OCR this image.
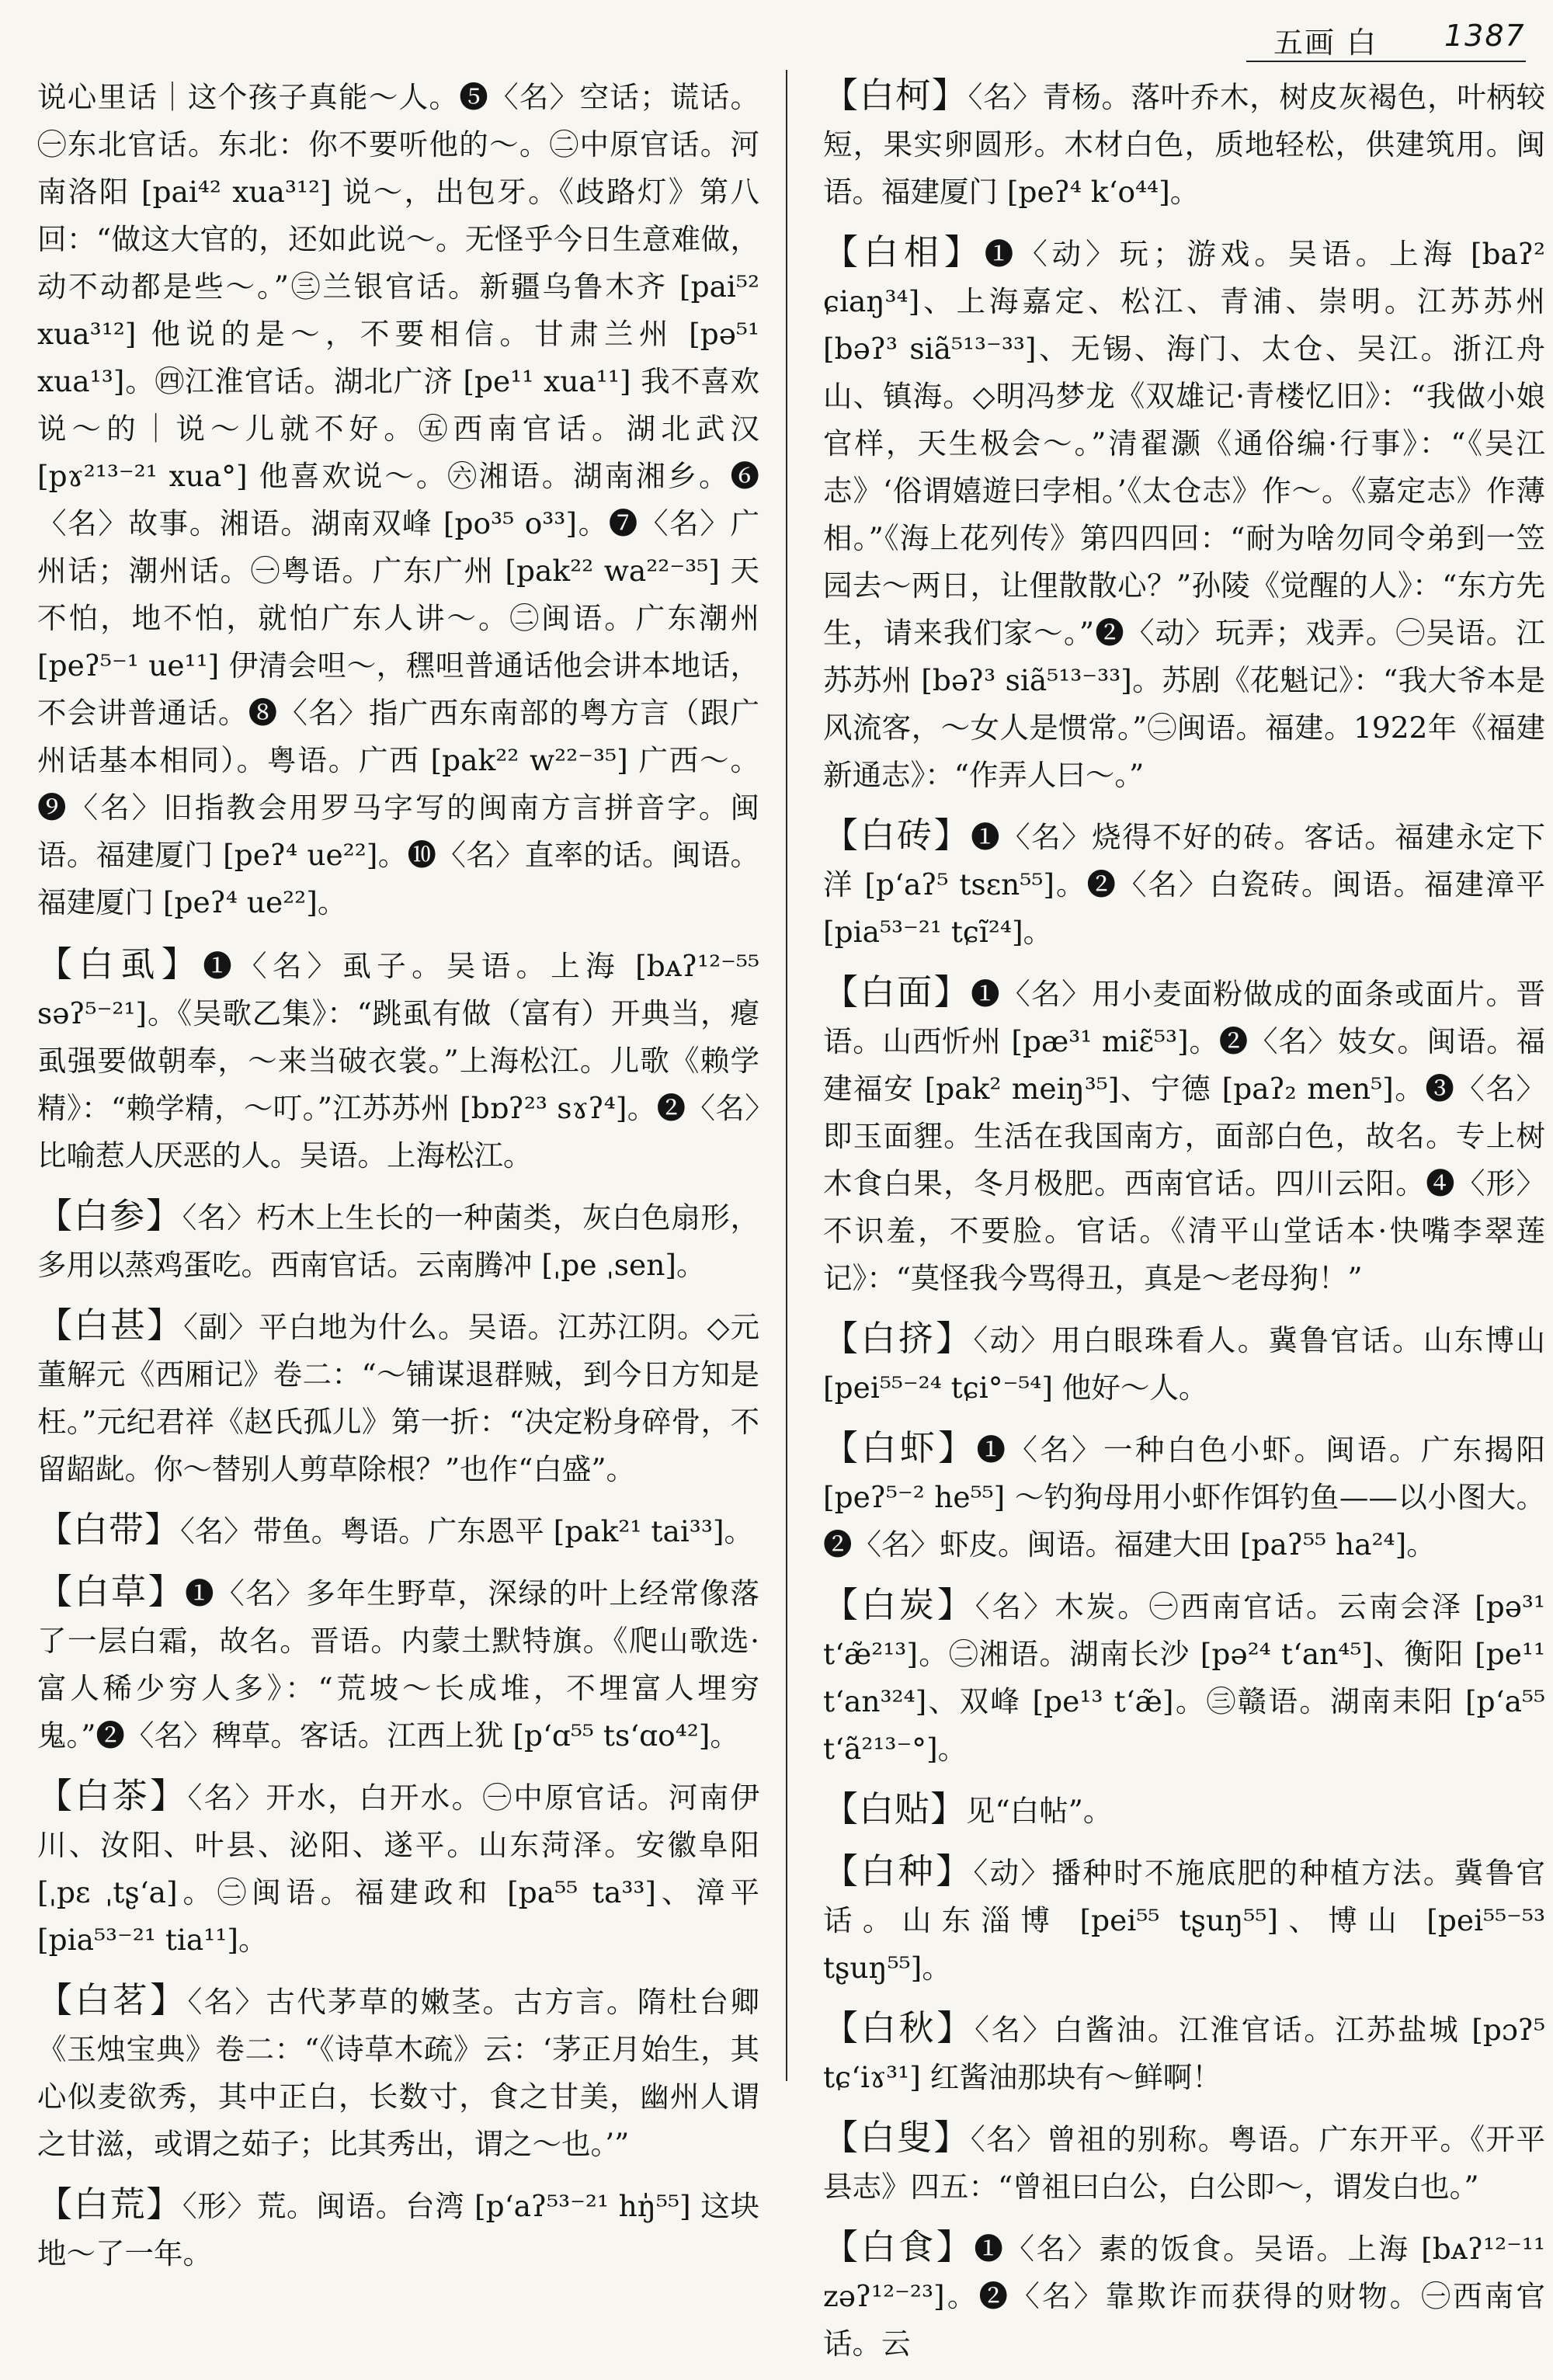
五画 白 1387
说心里话｜这个孩子真能～人。❺〈名〉空话；谎话。㊀东北官话。东北：你不要听他的～。㊁中原官话。河南洛阳 [pai⁴² xua³¹²] 说～，出包牙。《歧路灯》第八回：“做这大官的，还如此说～。无怪乎今日生意难做，动不动都是些～。”㊂兰银官话。新疆乌鲁木齐 [pai⁵² xua³¹²] 他说的是～，不要相信。甘肃兰州 [pə⁵¹ xua¹³]。㊃江淮官话。湖北广济 [pe¹¹ xua¹¹] 我不喜欢说～的｜说～儿就不好。㊄西南官话。湖北武汉 [pɤ²¹³⁻²¹ xua°] 他喜欢说～。㊅湘语。湖南湘乡。❻〈名〉故事。湘语。湖南双峰 [po³⁵ o³³]。❼〈名〉广州话；潮州话。㊀粤语。广东广州 [pak²² wa²²⁻³⁵] 天不怕，地不怕，就怕广东人讲～。㊁闽语。广东潮州 [peʔ⁵⁻¹ ue¹¹] 伊清会呾～，䆀呾普通话他会讲本地话，不会讲普通话。❽〈名〉指广西东南部的粤方言（跟广州话基本相同）。粤语。广西 [pak²² w²²⁻³⁵] 广西～。❾〈名〉旧指教会用罗马字写的闽南方言拼音字。闽语。福建厦门 [peʔ⁴ ue²²]。❿〈名〉直率的话。闽语。福建厦门 [peʔ⁴ ue²²]。
【白虱】❶〈名〉虱子。吴语。上海 [bᴀʔ¹²⁻⁵⁵ səʔ⁵⁻²¹]。《吴歌乙集》：“跳虱有做（富有）开典当，瘪虱强要做朝奉，～来当破衣裳。”上海松江。儿歌《赖学精》：“赖学精，～叮。”江苏苏州 [bɒʔ²³ sɤʔ⁴]。❷〈名〉比喻惹人厌恶的人。吴语。上海松江。
【白参】〈名〉朽木上生长的一种菌类，灰白色扇形，多用以蒸鸡蛋吃。西南官话。云南腾冲 [ˌpe ˌsen]。
【白甚】〈副〉平白地为什么。吴语。江苏江阴。◇元董解元《西厢记》卷二：“～铺谋退群贼，到今日方知是枉。”元纪君祥《赵氏孤儿》第一折：“决定粉身碎骨，不留龆龀。你～替别人剪草除根？”也作“白盛”。
【白带】〈名〉带鱼。粤语。广东恩平 [pak²¹ tai³³]。
【白草】❶〈名〉多年生野草，深绿的叶上经常像落了一层白霜，故名。晋语。内蒙土默特旗。《爬山歌选·富人稀少穷人多》：“荒坡～长成堆，不埋富人埋穷鬼。”❷〈名〉稗草。客话。江西上犹 [pʻɑ⁵⁵ tsʻɑo⁴²]。
【白茶】〈名〉开水，白开水。㊀中原官话。河南伊川、汝阳、叶县、泌阳、遂平。山东菏泽。安徽阜阳 [ˌpɛ ˌtʂʻa]。㊁闽语。福建政和 [pa⁵⁵ ta³³]、漳平 [pia⁵³⁻²¹ tia¹¹]。
【白茗】〈名〉古代茅草的嫩茎。古方言。隋杜台卿《玉烛宝典》卷二：“《诗草木疏》云：‘茅正月始生，其心似麦欲秀，其中正白，长数寸，食之甘美，幽州人谓之甘滋，或谓之茹子；比其秀出，谓之～也。’”
【白荒】〈形〉荒。闽语。台湾 [pʻaʔ⁵³⁻²¹ hŋ̍⁵⁵] 这块地～了一年。
【白柯】〈名〉青杨。落叶乔木，树皮灰褐色，叶柄较短，果实卵圆形。木材白色，质地轻松，供建筑用。闽语。福建厦门 [peʔ⁴ kʻo⁴⁴]。
【白相】❶〈动〉玩；游戏。吴语。上海 [baʔ² ɕiaŋ³⁴]、上海嘉定、松江、青浦、崇明。江苏苏州 [bəʔ³ siã⁵¹³⁻³³]、无锡、海门、太仓、吴江。浙江舟山、镇海。◇明冯梦龙《双雄记·青楼忆旧》：“我做小娘官样，天生极会～。”清翟灏《通俗编·行事》：“《吴江志》‘俗谓嬉遊曰孛相。’《太仓志》作～。《嘉定志》作薄相。”《海上花列传》第四四回：“耐为啥勿同令弟到一笠园去～两日，让俚散散心？”孙陵《觉醒的人》：“东方先生，请来我们家～。”❷〈动〉玩弄；戏弄。㊀吴语。江苏苏州 [bəʔ³ siã⁵¹³⁻³³]。苏剧《花魁记》：“我大爷本是风流客，～女人是惯常。”㊁闽语。福建。1922年《福建新通志》：“作弄人曰～。”
【白砖】❶〈名〉烧得不好的砖。客话。福建永定下洋 [pʻaʔ⁵ tsɛn⁵⁵]。❷〈名〉白瓷砖。闽语。福建漳平 [pia⁵³⁻²¹ tɕĩ²⁴]。
【白面】❶〈名〉用小麦面粉做成的面条或面片。晋语。山西忻州 [pæ³¹ miɛ̃⁵³]。❷〈名〉妓女。闽语。福建福安 [pak² meiŋ³⁵]、宁德 [paʔ₂ men⁵]。❸〈名〉即玉面貍。生活在我国南方，面部白色，故名。专上树木食白果，冬月极肥。西南官话。四川云阳。❹〈形〉不识羞，不要脸。官话。《清平山堂话本·快嘴李翠莲记》：“莫怪我今骂得丑，真是～老母狗！”
【白挤】〈动〉用白眼珠看人。冀鲁官话。山东博山 [pei⁵⁵⁻²⁴ tɕi°⁻⁵⁴] 他好～人。
【白虾】❶〈名〉一种白色小虾。闽语。广东揭阳 [peʔ⁵⁻² he⁵⁵] ～钓狗母用小虾作饵钓鱼——以小图大。❷〈名〉虾皮。闽语。福建大田 [paʔ⁵⁵ ha²⁴]。
【白炭】〈名〉木炭。㊀西南官话。云南会泽 [pə³¹ tʻæ̃²¹³]。㊁湘语。湖南长沙 [pə²⁴ tʻan⁴⁵]、衡阳 [pe¹¹ tʻan³²⁴]、双峰 [pe¹³ tʻæ̃]。㊂赣语。湖南耒阳 [pʻa⁵⁵ tʻã²¹³⁻°]。
【白贴】见“白帖”。
【白种】〈动〉播种时不施底肥的种植方法。冀鲁官话。山东淄博 [pei⁵⁵ tʂuŋ⁵⁵]、博山 [pei⁵⁵⁻⁵³ tʂuŋ⁵⁵]。
【白秋】〈名〉白酱油。江淮官话。江苏盐城 [pɔʔ⁵ tɕʻiɤ³¹] 红酱油那块有～鲜啊！
【白叟】〈名〉曾祖的别称。粤语。广东开平。《开平县志》四五：“曾祖曰白公，白公即～，谓发白也。”
【白食】❶〈名〉素的饭食。吴语。上海 [bᴀʔ¹²⁻¹¹ zəʔ¹²⁻²³]。❷〈名〉靠欺诈而获得的财物。㊀西南官话。云
